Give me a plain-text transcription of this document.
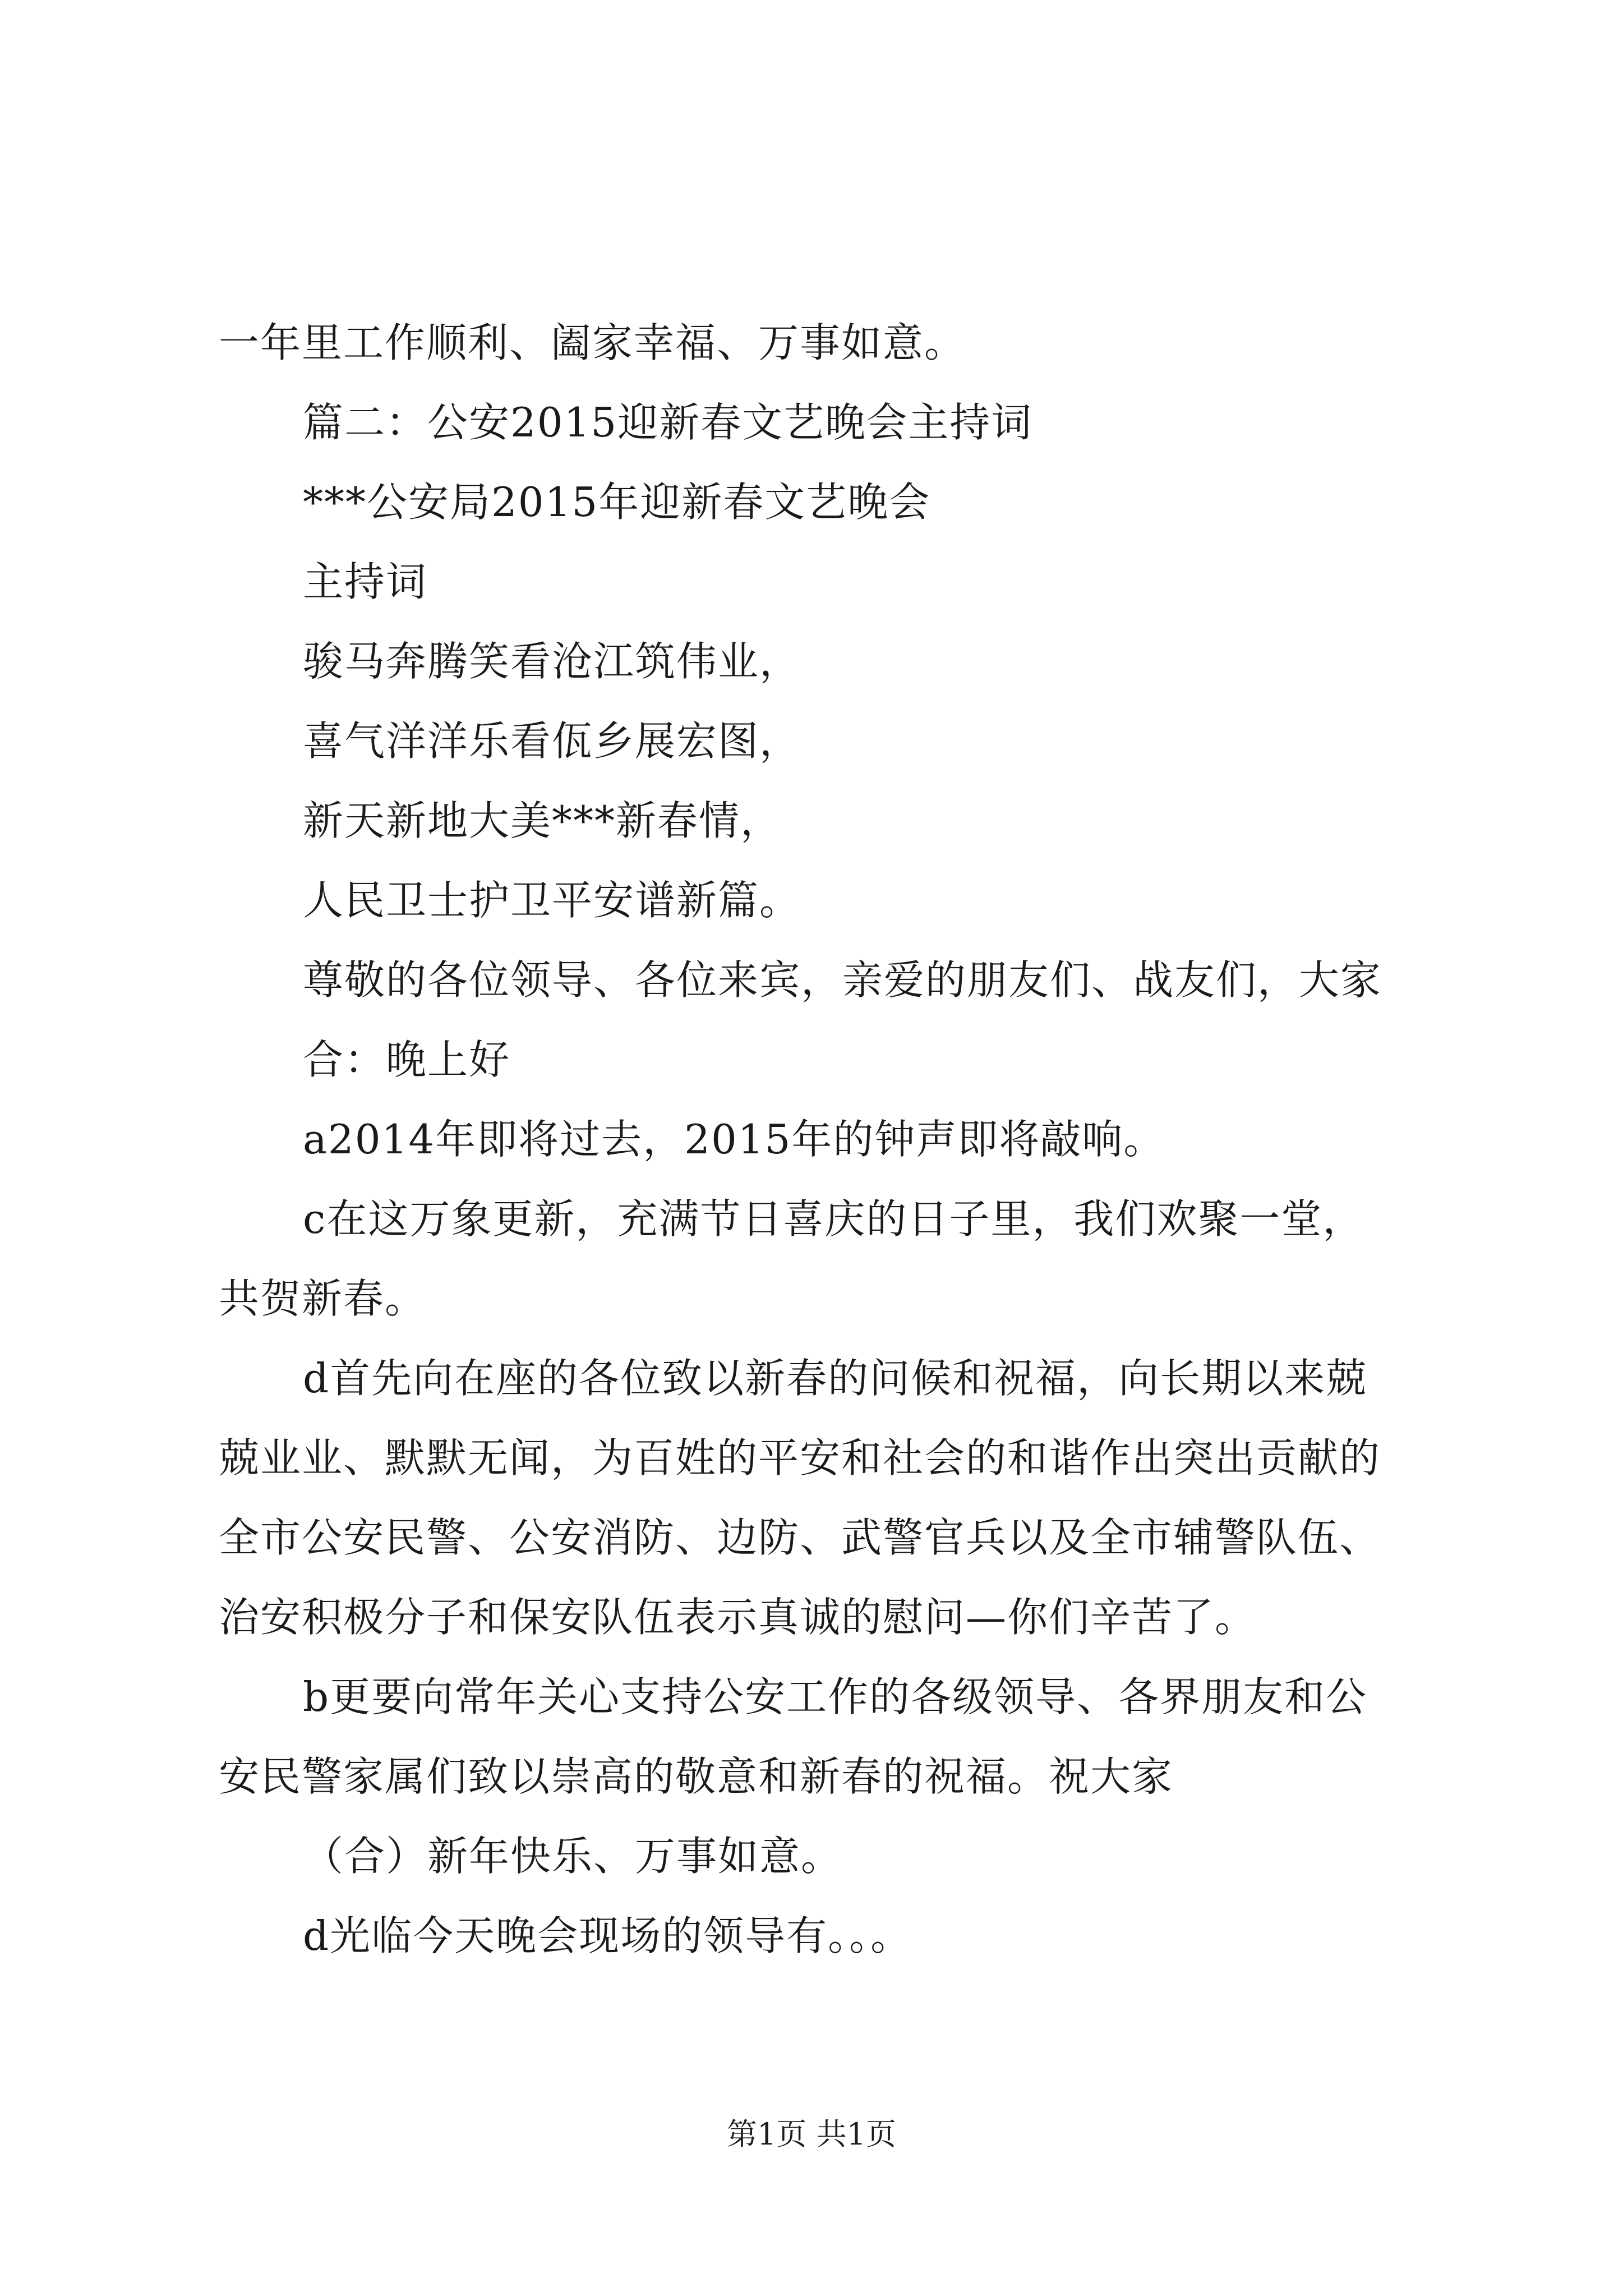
一年里工作顺利、阖家幸福、万事如意。
篇二：公安2015迎新春文艺晚会主持词
***公安局2015年迎新春文艺晚会
主持词
骏马奔腾笑看沧江筑伟业，
喜气洋洋乐看佤乡展宏图，
新天新地大美***新春情，
人民卫士护卫平安谱新篇。
尊敬的各位领导、各位来宾，亲爱的朋友们、战友们，大家
合：晚上好
a2014年即将过去，2015年的钟声即将敲响。
c在这万象更新，充满节日喜庆的日子里，我们欢聚一堂，
共贺新春。
d首先向在座的各位致以新春的问候和祝福，向长期以来兢
兢业业、默默无闻，为百姓的平安和社会的和谐作出突出贡献的
全市公安民警、公安消防、边防、武警官兵以及全市辅警队伍、
治安积极分子和保安队伍表示真诚的慰问—你们辛苦了。
b更要向常年关心支持公安工作的各级领导、各界朋友和公
安民警家属们致以崇高的敬意和新春的祝福。祝大家
（合）新年快乐、万事如意。
d光临今天晚会现场的领导有。。。
第1页 共1页
